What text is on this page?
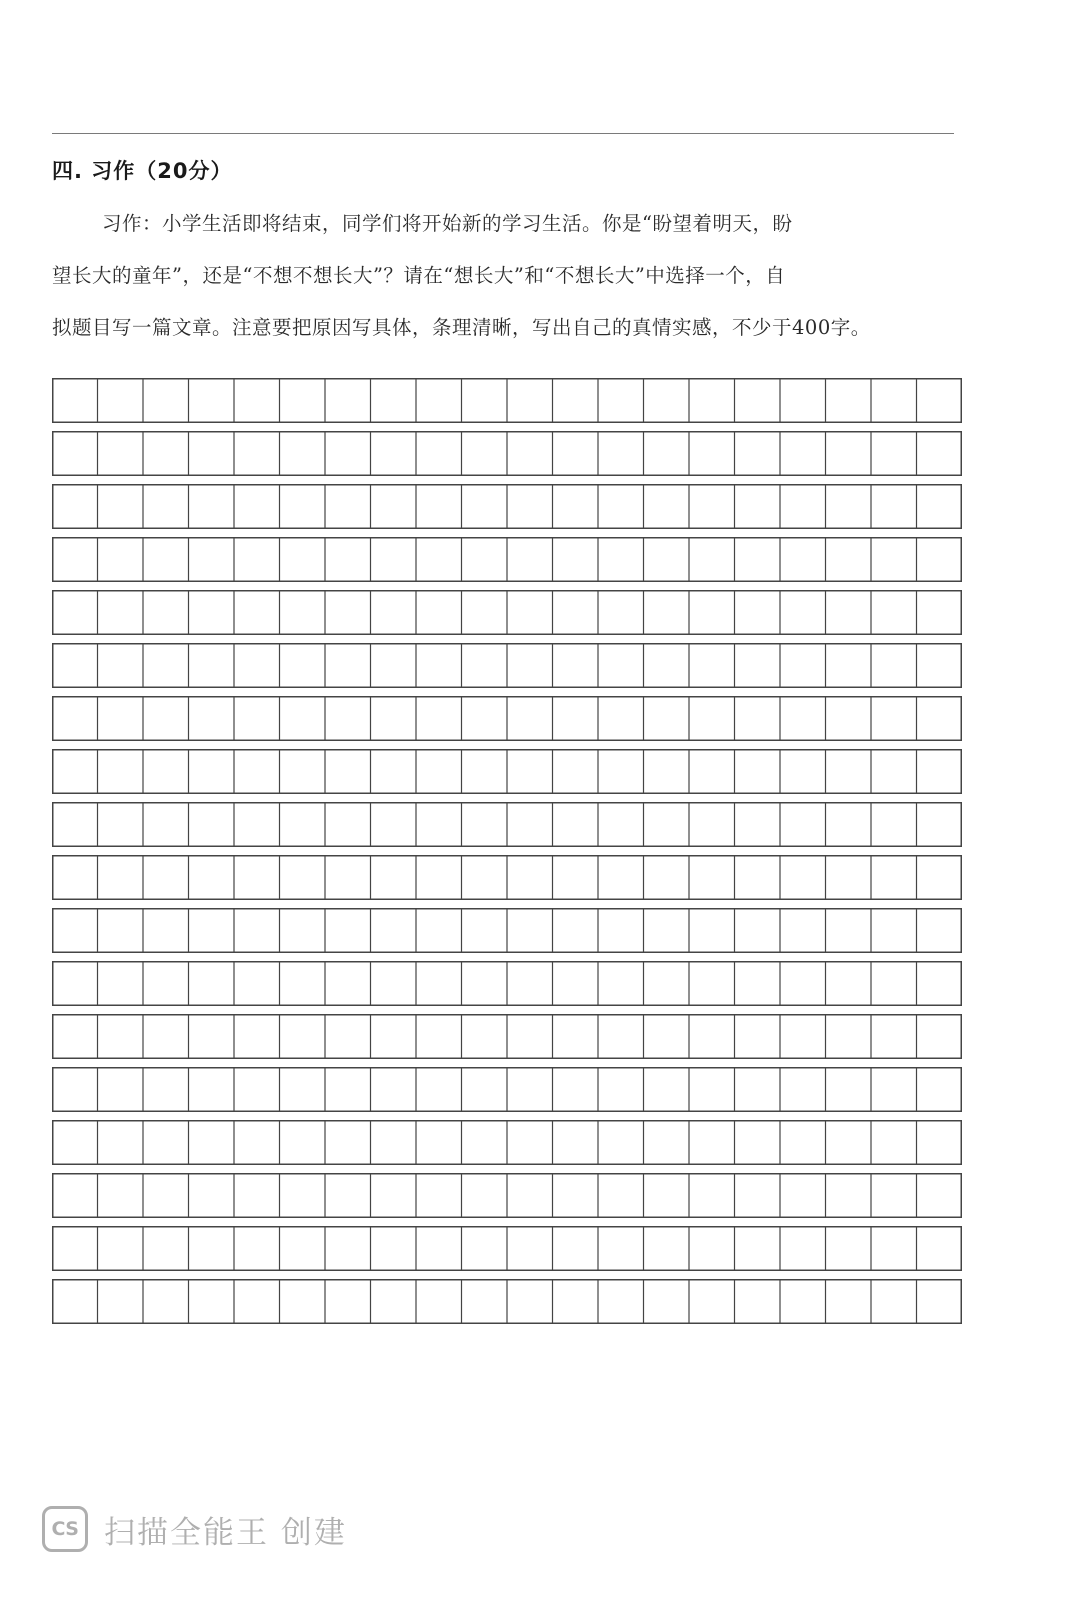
四. 习作（20分）
习作：小学生活即将结束，同学们将开始新的学习生活。你是“盼望着明天，盼
望长大的童年”，还是“不想不想长大”？请在“想长大”和“不想长大”中选择一个，自
拟题目写一篇文章。注意要把原因写具体，条理清晰，写出自己的真情实感，不少于400字。
CS 扫描全能王 创建
